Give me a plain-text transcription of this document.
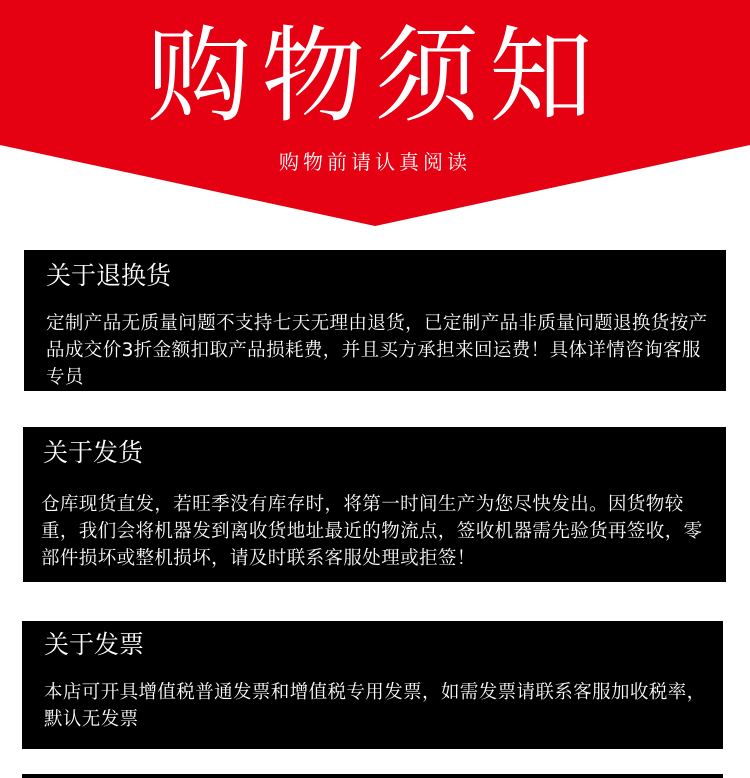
购物须知
购物前请认真阅读
关于退换货
定制产品无质量问题不支持七天无理由退货，已定制产品非质量问题退换货按产品成交价3折金额扣取产品损耗费，并且买方承担来回运费！具体详情咨询客服专员
关于发货
仓库现货直发，若旺季没有库存时，将第一时间生产为您尽快发出。因货物较重，我们会将机器发到离收货地址最近的物流点，签收机器需先验货再签收，零部件损坏或整机损坏，请及时联系客服处理或拒签！
关于发票
本店可开具增值税普通发票和增值税专用发票，如需发票请联系客服加收税率，默认无发票
